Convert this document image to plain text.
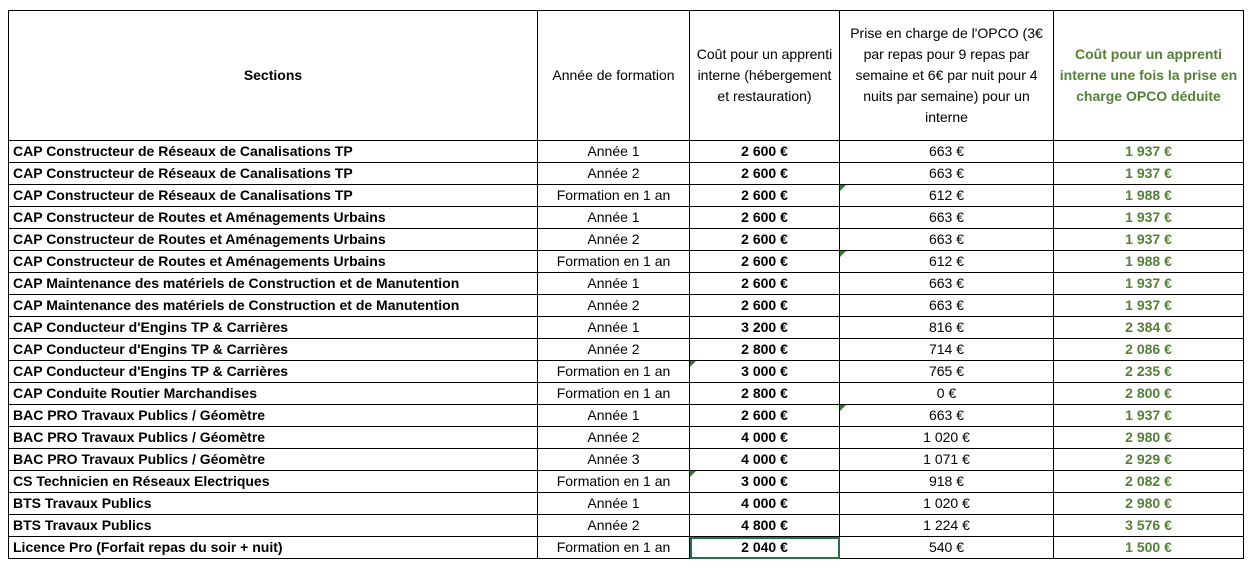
Sections	Année de formation	Coût pour un apprenti interne (hébergement et restauration)	Prise en charge de l'OPCO (3€ par repas pour 9 repas par semaine et 6€ par nuit pour 4 nuits par semaine) pour un interne	Coût pour un apprenti interne une fois la prise en charge OPCO déduite
CAP Constructeur de Réseaux de Canalisations TP	Année 1	2 600 €	663 €	1 937 €
CAP Constructeur de Réseaux de Canalisations TP	Année 2	2 600 €	663 €	1 937 €
CAP Constructeur de Réseaux de Canalisations TP	Formation en 1 an	2 600 €	612 €	1 988 €
CAP Constructeur de Routes et Aménagements Urbains	Année 1	2 600 €	663 €	1 937 €
CAP Constructeur de Routes et Aménagements Urbains	Année 2	2 600 €	663 €	1 937 €
CAP Constructeur de Routes et Aménagements Urbains	Formation en 1 an	2 600 €	612 €	1 988 €
CAP Maintenance des matériels de Construction et de Manutention	Année 1	2 600 €	663 €	1 937 €
CAP Maintenance des matériels de Construction et de Manutention	Année 2	2 600 €	663 €	1 937 €
CAP Conducteur d'Engins TP & Carrières	Année 1	3 200 €	816 €	2 384 €
CAP Conducteur d'Engins TP & Carrières	Année 2	2 800 €	714 €	2 086 €
CAP Conducteur d'Engins TP & Carrières	Formation en 1 an	3 000 €	765 €	2 235 €
CAP Conduite Routier Marchandises	Formation en 1 an	2 800 €	0 €	2 800 €
BAC PRO Travaux Publics / Géomètre	Année 1	2 600 €	663 €	1 937 €
BAC PRO Travaux Publics / Géomètre	Année 2	4 000 €	1 020 €	2 980 €
BAC PRO Travaux Publics / Géomètre	Année 3	4 000 €	1 071 €	2 929 €
CS Technicien en Réseaux Electriques	Formation en 1 an	3 000 €	918 €	2 082 €
BTS Travaux Publics	Année 1	4 000 €	1 020 €	2 980 €
BTS Travaux Publics	Année 2	4 800 €	1 224 €	3 576 €
Licence Pro (Forfait repas du soir + nuit)	Formation en 1 an	2 040 €	540 €	1 500 €
